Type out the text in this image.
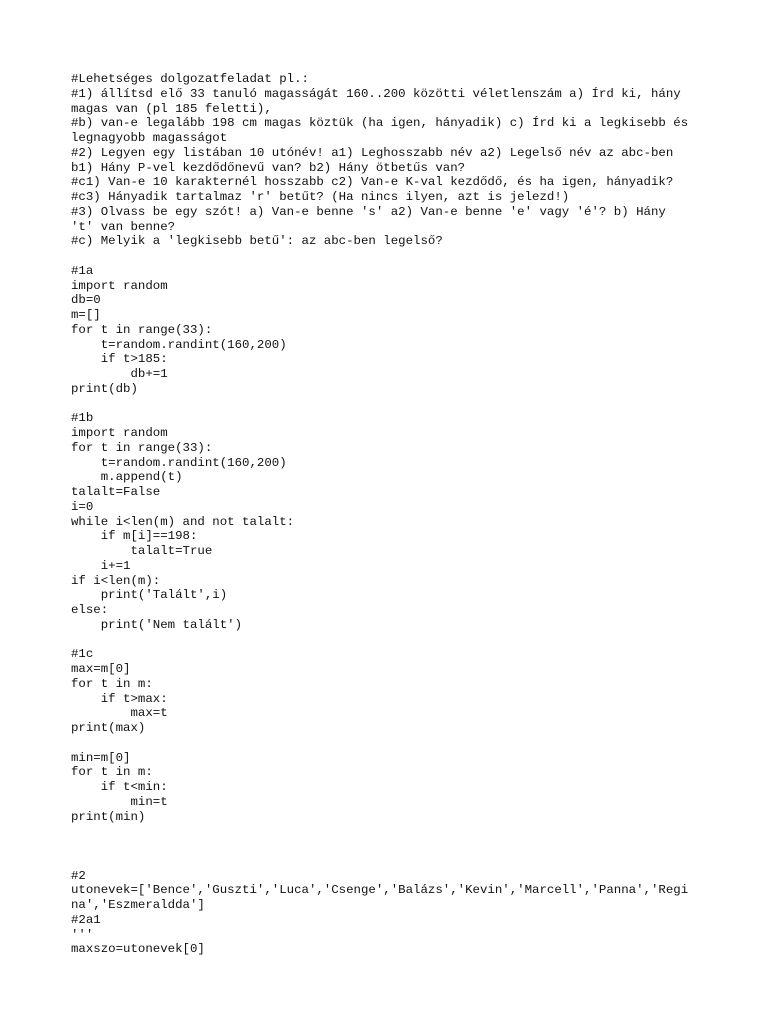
#Lehetséges dolgozatfeladat pl.:
#1) állítsd elő 33 tanuló magasságát 160..200 közötti véletlenszám a) Írd ki, hány
magas van (pl 185 feletti),
#b) van-e legalább 198 cm magas köztük (ha igen, hányadik) c) Írd ki a legkisebb és
legnagyobb magasságot
#2) Legyen egy listában 10 utónév! a1) Leghosszabb név a2) Legelső név az abc-ben
b1) Hány P-vel kezdődőnevű van? b2) Hány ötbetűs van?
#c1) Van-e 10 karakternél hosszabb c2) Van-e K-val kezdődő, és ha igen, hányadik?
#c3) Hányadik tartalmaz 'r' betűt? (Ha nincs ilyen, azt is jelezd!)
#3) Olvass be egy szót! a) Van-e benne 's' a2) Van-e benne 'e' vagy 'é'? b) Hány
't' van benne?
#c) Melyik a 'legkisebb betű': az abc-ben legelső?
#1a
import random
db=0
m=[]
for t in range(33):
t=random.randint(160,200)
if t>185:
db+=1
print(db)
#1b
import random
for t in range(33):
t=random.randint(160,200)
m.append(t)
talalt=False
i=0
while i<len(m) and not talalt:
if m[i]==198:
talalt=True
i+=1
if i<len(m):
print('Talált',i)
else:
print('Nem talált')
#1c
max=m[0]
for t in m:
if t>max:
max=t
print(max)
min=m[0]
for t in m:
if t<min:
min=t
print(min)
#2
utonevek=['Bence','Guszti','Luca','Csenge','Balázs','Kevin','Marcell','Panna','Regi
na','Eszmeraldda']
#2a1
'''
maxszo=utonevek[0]
